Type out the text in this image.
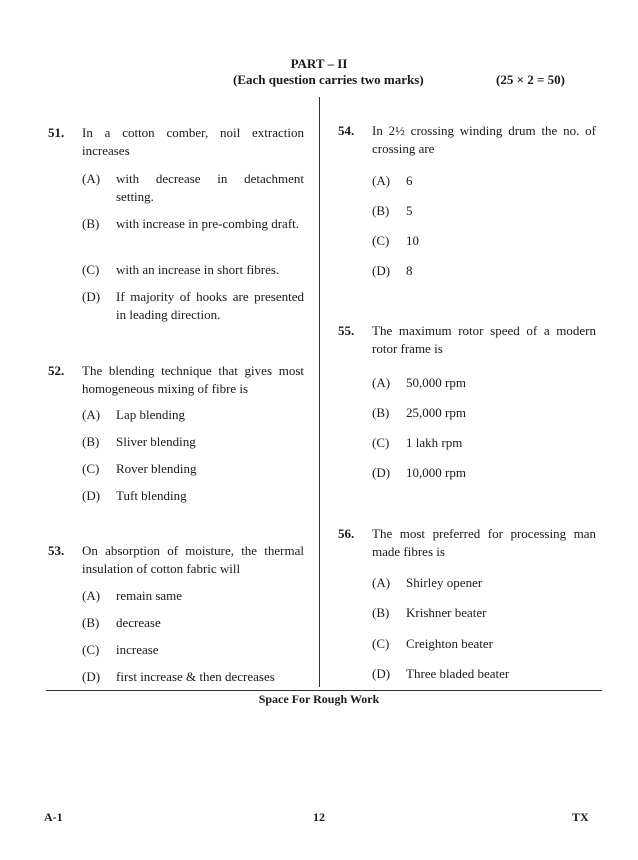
PART – II
(Each question carries two marks)	(25 × 2 = 50)
51. In a cotton comber, noil extraction increases
(A) with decrease in detachment setting.
(B) with increase in pre-combing draft.
(C) with an increase in short fibres.
(D) If majority of hooks are presented in leading direction.
52. The blending technique that gives most homogeneous mixing of fibre is
(A) Lap blending
(B) Sliver blending
(C) Rover blending
(D) Tuft blending
53. On absorption of moisture, the thermal insulation of cotton fabric will
(A) remain same
(B) decrease
(C) increase
(D) first increase & then decreases
54. In 2½ crossing winding drum the no. of crossing are
(A) 6
(B) 5
(C) 10
(D) 8
55. The maximum rotor speed of a modern rotor frame is
(A) 50,000 rpm
(B) 25,000 rpm
(C) 1 lakh rpm
(D) 10,000 rpm
56. The most preferred for processing man made fibres is
(A) Shirley opener
(B) Krishner beater
(C) Creighton beater
(D) Three bladed beater
Space For Rough Work
A-1	12	TX
